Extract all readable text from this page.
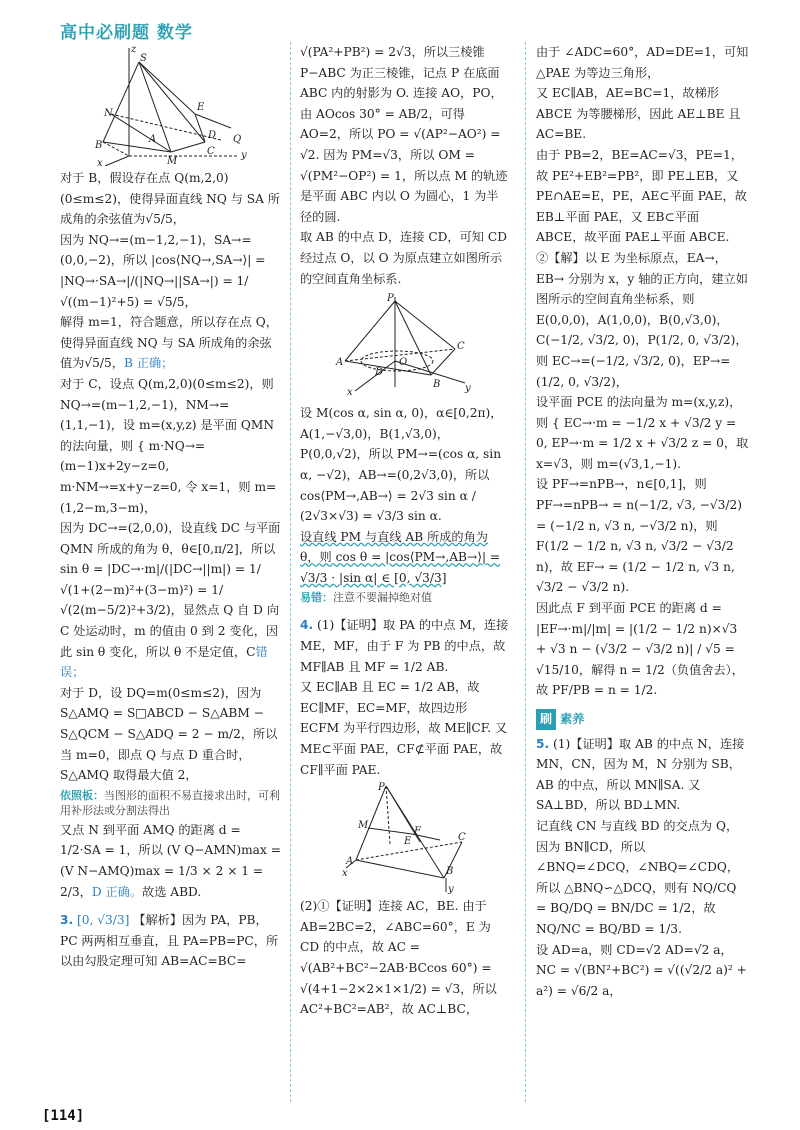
高中必刷题 数学
z
S
E
N
A	D Q
y
B
M
C
x

对于 B，假设存在点 Q(m,2,0)(0≤m≤2)，使得异面直线 NQ 与 SA 所成角的余弦值为√5/5，

因为 NQ→=(m−1,2,−1)，SA→=(0,0,−2)，所以 |cos⟨NQ→,SA→⟩| = |NQ→·SA→|/(|NQ→||SA→|) = 1/√((m−1)²+5) = √5/5，

解得 m=1，符合题意，所以存在点 Q，使得异面直线 NQ 与 SA 所成角的余弦值为√5/5，B 正确；

对于 C，设点 Q(m,2,0)(0≤m≤2)，则 NQ→=(m−1,2,−1)，NM→=(1,1,−1)，设 m=(x,y,z) 是平面 QMN 的法向量，则 { m·NQ→=(m−1)x+2y−z=0, m·NM→=x+y−z=0, 令 x=1，则 m=(1,2−m,3−m)，

因为 DC→=(2,0,0)，设直线 DC 与平面 QMN 所成的角为 θ，θ∈[0,π/2]，所以 sin θ = |DC→·m|/(|DC→||m|) = 1/√(1+(2−m)²+(3−m)²) = 1/√(2(m−5/2)²+3/2)，显然点 Q 自 D 向 C 处运动时，m 的值由 0 到 2 变化，因此 sin θ 变化，所以 θ 不是定值，C错误；

对于 D，设 DQ=m(0≤m≤2)，因为 S△AMQ = S□ABCD − S△ABM − S△QCM − S△ADQ = 2 − m/2，所以当 m=0，即点 Q 与点 D 重合时，S△AMQ 取得最大值 2，

依照板：当图形的面积不易直接求出时，可利用补形法或分割法得出

又点 N 到平面 AMQ 的距离 d = 1/2·SA = 1，所以 (V Q−AMN)max = (V N−AMQ)max = 1/3 × 2 × 1 = 2/3，D 正确。故选 ABD.

3. [0, √3/3] 【解析】因为 PA，PB，PC 两两相互垂直，且 PA=PB=PC，所以由勾股定理可知 AB=AC=BC=

√(PA²+PB²) = 2√3，所以三棱锥 P−ABC 为正三棱锥，记点 P 在底面 ABC 内的射影为 O. 连接 AO，PO，由 AOcos 30° = AB/2，可得 AO=2，所以 PO = √(AP²−AO²) = √2. 因为 PM=√3，所以 OM = √(PM²−OP²) = 1，所以点 M 的轨迹是平面 ABC 内以 O 为圆心，1 为半径的圆.

取 AB 的中点 D，连接 CD，可知 CD 经过点 O，以 O 为原点建立如图所示的空间直角坐标系.

P
A
C
B
D
O
x	y

设 M(cos α, sin α, 0)，α∈[0,2π)，A(1,−√3,0)，B(1,√3,0)，P(0,0,√2)，所以 PM→=(cos α, sin α, −√2)，AB→=(0,2√3,0)，所以 cos⟨PM→,AB→⟩ = 2√3 sin α / (2√3×√3) = √3/3 sin α.

设直线 PM 与直线 AB 所成的角为 θ，则 cos θ = |cos⟨PM→,AB→⟩| = √3/3 · |sin α| ∈ [0, √3/3]

易错：注意不要漏掉绝对值

4. (1)【证明】取 PA 的中点 M，连接 ME，MF，由于 F 为 PB 的中点，故 MF∥AB 且 MF = 1/2 AB.

又 EC∥AB 且 EC = 1/2 AB，故 EC∥MF，EC=MF，故四边形 ECFM 为平行四边形，故 ME∥CF. 又 ME⊂平面 PAE，CF⊄平面 PAE，故 CF∥平面 PAE.

P
M
F
E	C
A
B
x
y

(2)①【证明】连接 AC，BE. 由于 AB=2BC=2，∠ABC=60°，E 为 CD 的中点，故 AC = √(AB²+BC²−2AB·BCcos 60°) = √(4+1−2×2×1×1/2) = √3，所以 AC²+BC²=AB²，故 AC⊥BC，

由于 ∠ADC=60°，AD=DE=1，可知 △PAE 为等边三角形，

又 EC∥AB，AE=BC=1，故梯形 ABCE 为等腰梯形，因此 AE⊥BE 且 AC=BE.

由于 PB=2，BE=AC=√3，PE=1，故 PE²+EB²=PB²，即 PE⊥EB，又 PE∩AE=E，PE，AE⊂平面 PAE，故 EB⊥平面 PAE，又 EB⊂平面 ABCE，故平面 PAE⊥平面 ABCE.

②【解】以 E 为坐标原点，EA→，EB→ 分别为 x，y 轴的正方向，建立如图所示的空间直角坐标系，则 E(0,0,0)，A(1,0,0)，B(0,√3,0)，C(−1/2, √3/2, 0)，P(1/2, 0, √3/2)，

则 EC→=(−1/2, √3/2, 0)，EP→=(1/2, 0, √3/2)，

设平面 PCE 的法向量为 m=(x,y,z)，则 { EC→·m = −1/2 x + √3/2 y = 0, EP→·m = 1/2 x + √3/2 z = 0，取 x=√3，则 m=(√3,1,−1).

设 PF→=nPB→，n∈[0,1]，则 PF→=nPB→ = n(−1/2, √3, −√3/2) = (−1/2 n, √3 n, −√3/2 n)，则 F(1/2 − 1/2 n, √3 n, √3/2 − √3/2 n)，故 EF→ = (1/2 − 1/2 n, √3 n, √3/2 − √3/2 n).

因此点 F 到平面 PCE 的距离 d = |EF→·m|/|m| = |(1/2 − 1/2 n)×√3 + √3 n − (√3/2 − √3/2 n)| / √5 = √15/10，解得 n = 1/2（负值舍去），故 PF/PB = n = 1/2.

刷 素养

5. (1)【证明】取 AB 的中点 N，连接 MN，CN，因为 M，N 分别为 SB，AB 的中点，所以 MN∥SA. 又 SA⊥BD，所以 BD⊥MN.

记直线 CN 与直线 BD 的交点为 Q，因为 BN∥CD，所以 ∠BNQ=∠DCQ，∠NBQ=∠CDQ，所以 △BNQ∽△DCQ，则有 NQ/CQ = BQ/DQ = BN/DC = 1/2，故 NQ/NC = BQ/BD = 1/3.

设 AD=a，则 CD=√2 AD=√2 a，NC = √(BN²+BC²) = √((√2/2 a)² + a²) = √6/2 a，

[114]
